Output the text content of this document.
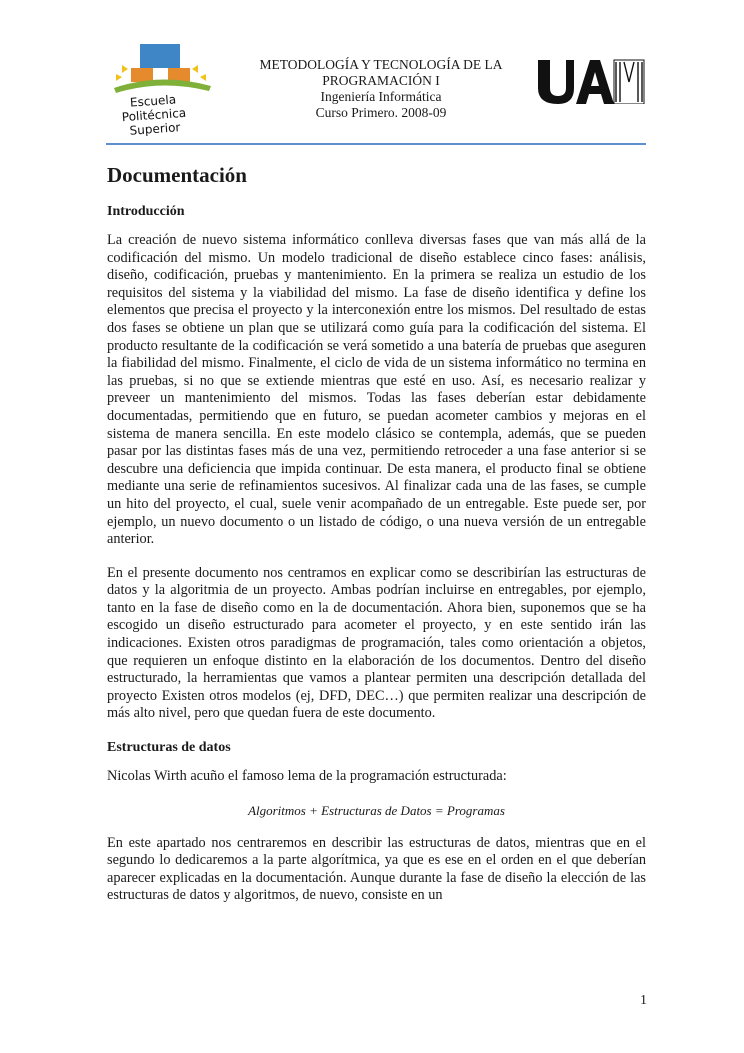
Escuela
Politécnica
Superior
METODOLOGÍA Y TECNOLOGÍA DE LA
PROGRAMACIÓN I
Ingeniería Informática
Curso Primero. 2008-09
UAM
Documentación
Introducción

La creación de nuevo sistema informático conlleva diversas fases que van más allá de la codificación del mismo. Un modelo tradicional de diseño establece cinco fases: análisis, diseño, codificación, pruebas y mantenimiento. En la primera se realiza un estudio de los requisitos del sistema y la viabilidad del mismo. La fase de diseño identifica y define los elementos que precisa el proyecto y la interconexión entre los mismos. Del resultado de estas dos fases se obtiene un plan que se utilizará como guía para la codificación del sistema. El producto resultante de la codificación se verá sometido a una batería de pruebas que aseguren la fiabilidad del mismo. Finalmente, el ciclo de vida de un sistema informático no termina en las pruebas, si no que se extiende mientras que esté en uso. Así, es necesario realizar y preveer un mantenimiento del mismos. Todas las fases deberían estar debidamente documentadas, permitiendo que en futuro, se puedan acometer cambios y mejoras en el sistema de manera sencilla. En este modelo clásico se contempla, además, que se pueden pasar por las distintas fases más de una vez, permitiendo retroceder a una fase anterior si se descubre una deficiencia que impida continuar. De esta manera, el producto final se obtiene mediante una serie de refinamientos sucesivos. Al finalizar cada una de las fases, se cumple un hito del proyecto, el cual, suele venir acompañado de un entregable. Este puede ser, por ejemplo, un nuevo documento o un listado de código, o una nueva versión de un entregable anterior.

En el presente documento nos centramos en explicar como se describirían las estructuras de datos y la algoritmia de un proyecto. Ambas podrían incluirse en entregables, por ejemplo, tanto en la fase de diseño como en la de documentación. Ahora bien, suponemos que se ha escogido un diseño estructurado para acometer el proyecto, y en este sentido irán las indicaciones. Existen otros paradigmas de programación, tales como orientación a objetos, que requieren un enfoque distinto en la elaboración de los documentos. Dentro del diseño estructurado, la herramientas que vamos a plantear permiten una descripción detallada del proyecto Existen otros modelos (ej, DFD, DEC…) que permiten realizar una descripción de más alto nivel, pero que quedan fuera de este documento.

Estructuras de datos

Nicolas Wirth acuño el famoso lema de la programación estructurada:

Algoritmos + Estructuras de Datos = Programas

En este apartado nos centraremos en describir las estructuras de datos, mientras que en el segundo lo dedicaremos a la parte algorítmica, ya que es ese en el orden en el que deberían aparecer explicadas en la documentación. Aunque durante la fase de diseño la elección de las estructuras de datos y algoritmos, de nuevo, consiste en un

1
